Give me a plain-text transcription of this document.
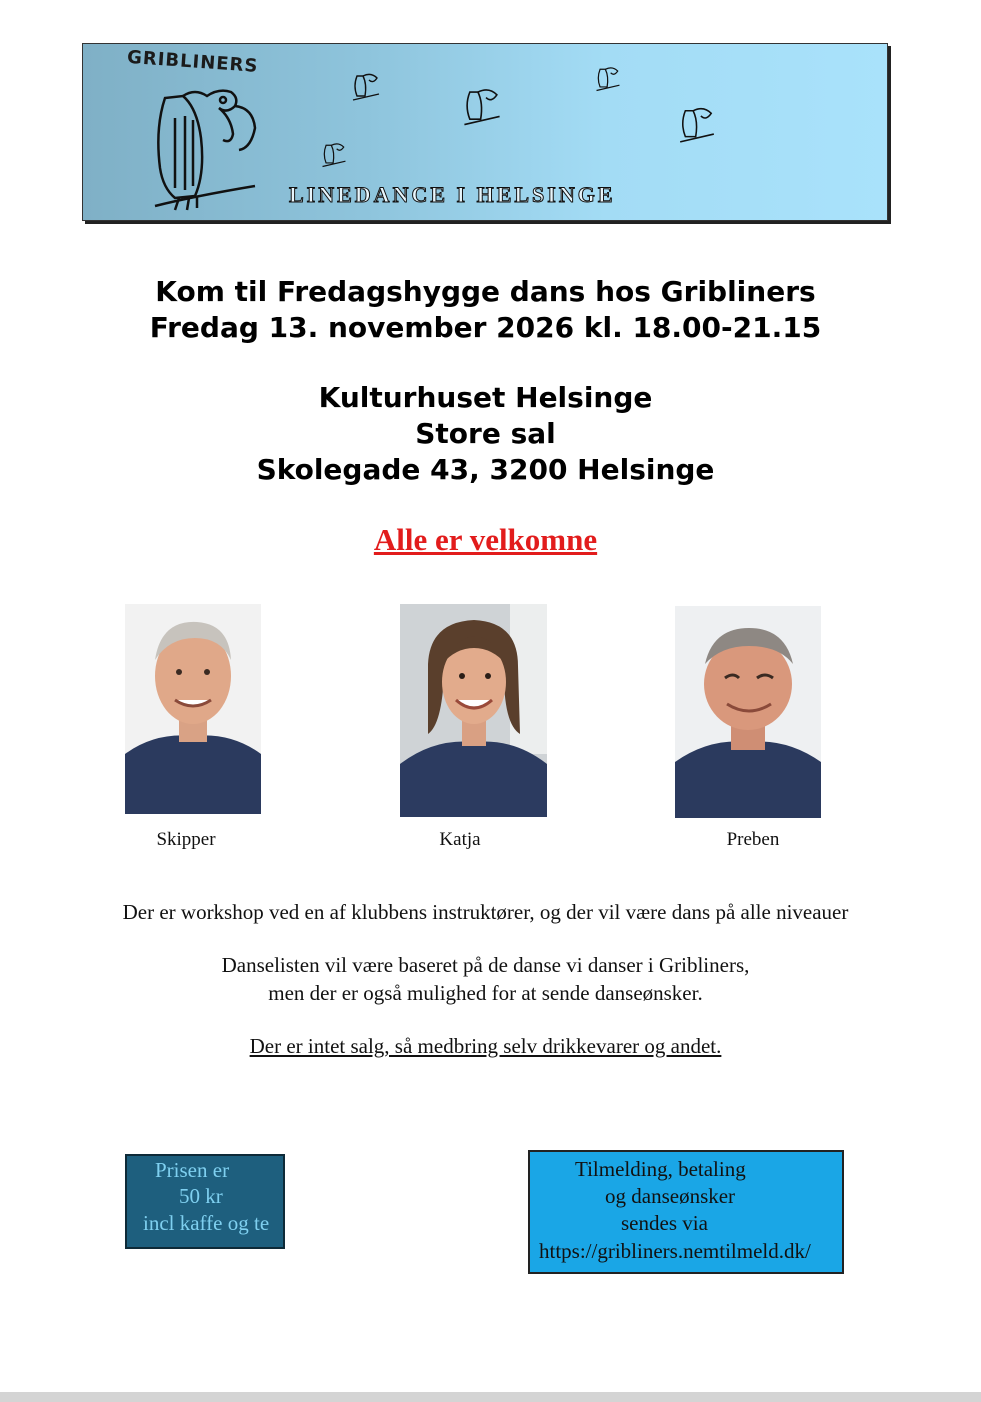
GRIBLINERS
LINEDANCE I HELSINGE
Kom til Fredagshygge dans hos Gribliners
Fredag 13. november 2026 kl. 18.00-21.15
Kulturhuset Helsinge
Store sal
Skolegade 43, 3200 Helsinge

Alle er velkomne

Skipper	Katja	Preben

Der er workshop ved en af klubbens instruktører, og der vil være dans på alle niveauer

Danselisten vil være baseret på de danse vi danser i Gribliners,

men der er også mulighed for at sende danseønsker.

Der er intet salg, så medbring selv drikkevarer og andet.

Prisen er
50 kr
incl kaffe og te
Tilmelding, betaling
og danseønsker
sendes via
https://gribliners.nemtilmeld.dk/
